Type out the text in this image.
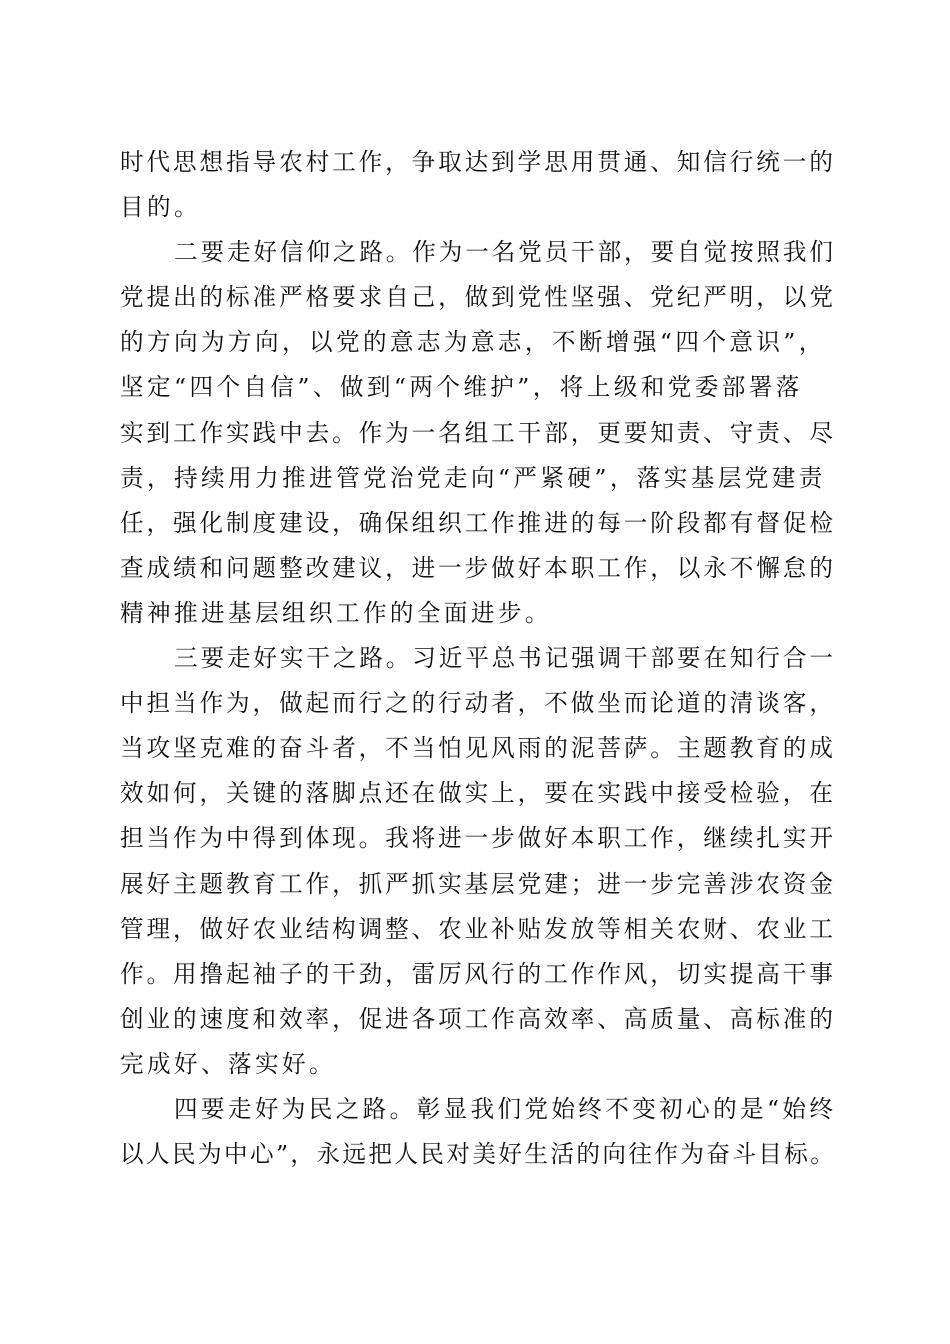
时代思想指导农村工作，争取达到学思用贯通、知信行统一的
目的。
二要走好信仰之路。作为一名党员干部，要自觉按照我们
党提出的标准严格要求自己，做到党性坚强、党纪严明，以党
的方向为方向，以党的意志为意志，不断增强“四个意识”，
坚定“四个自信”、做到“两个维护”，将上级和党委部署落
实到工作实践中去。作为一名组工干部，更要知责、守责、尽
责，持续用力推进管党治党走向“严紧硬”，落实基层党建责
任，强化制度建设，确保组织工作推进的每一阶段都有督促检
查成绩和问题整改建议，进一步做好本职工作，以永不懈怠的
精神推进基层组织工作的全面进步。
三要走好实干之路。习近平总书记强调干部要在知行合一
中担当作为，做起而行之的行动者，不做坐而论道的清谈客，
当攻坚克难的奋斗者，不当怕见风雨的泥菩萨。主题教育的成
效如何，关键的落脚点还在做实上，要在实践中接受检验，在
担当作为中得到体现。我将进一步做好本职工作，继续扎实开
展好主题教育工作，抓严抓实基层党建；进一步完善涉农资金
管理，做好农业结构调整、农业补贴发放等相关农财、农业工
作。用撸起袖子的干劲，雷厉风行的工作作风，切实提高干事
创业的速度和效率，促进各项工作高效率、高质量、高标准的
完成好、落实好。
四要走好为民之路。彰显我们党始终不变初心的是“始终
以人民为中心”，永远把人民对美好生活的向往作为奋斗目标。
